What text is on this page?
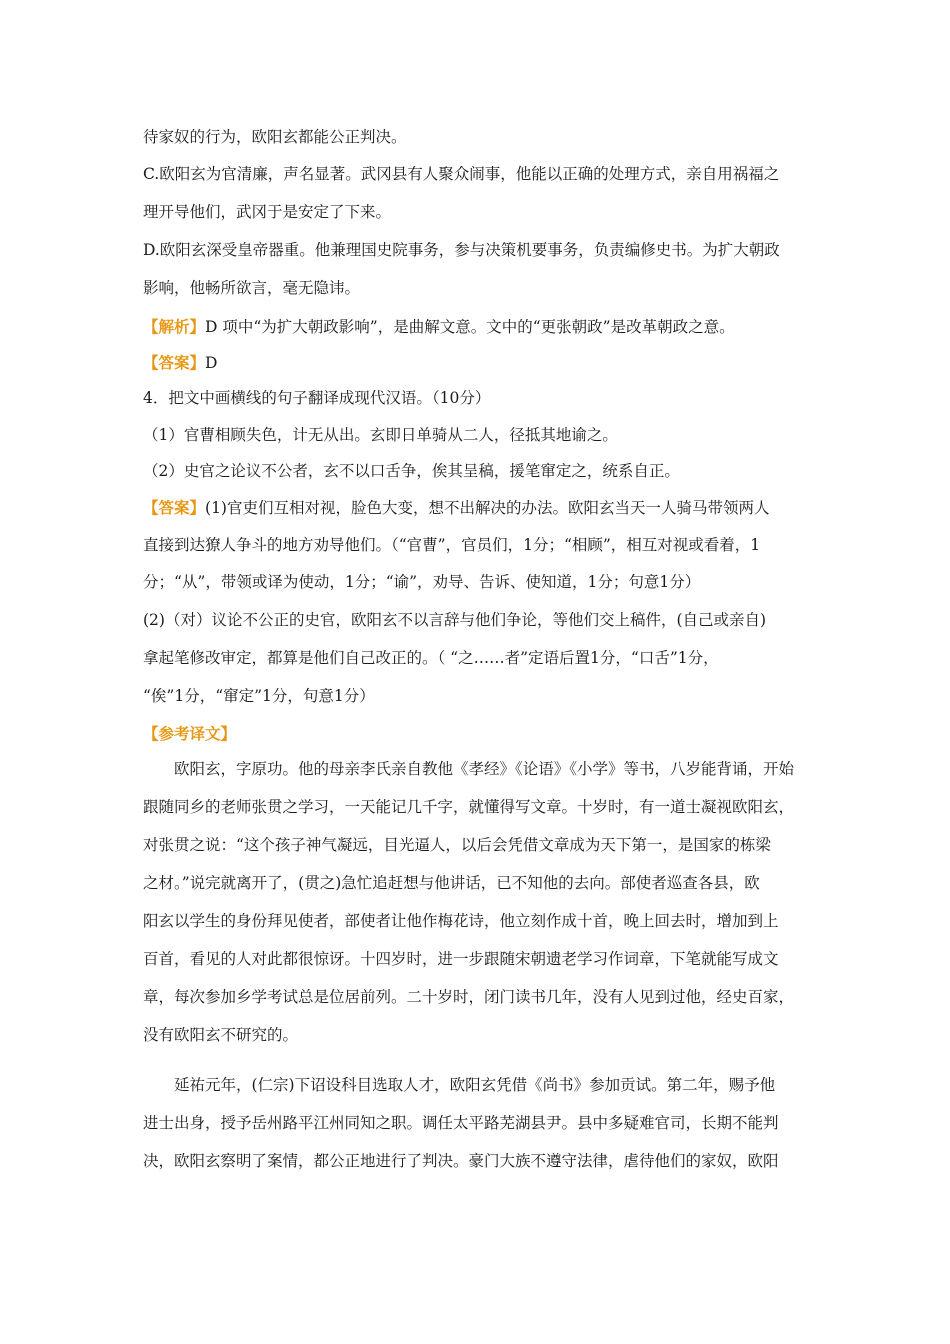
待家奴的行为，欧阳玄都能公正判决。

C.欧阳玄为官清廉，声名显著。武冈县有人聚众闹事，他能以正确的处理方式，亲自用祸福之

理开导他们，武冈于是安定了下来。

D.欧阳玄深受皇帝器重。他兼理国史院事务，参与决策机要事务，负责编修史书。为扩大朝政

影响，他畅所欲言，毫无隐讳。

【解析】D 项中“为扩大朝政影响”，是曲解文意。文中的“更张朝政”是改革朝政之意。

【答案】D

4．把文中画横线的句子翻译成现代汉语。（10分）

（1）官曹相顾失色，计无从出。玄即日单骑从二人，径抵其地谕之。

（2）史官之论议不公者，玄不以口舌争，俟其呈稿，援笔窜定之，统系自正。

【答案】(1)官吏们互相对视，脸色大变，想不出解决的办法。欧阳玄当天一人骑马带领两人

直接到达獠人争斗的地方劝导他们。（“官曹”，官员们，1分；“相顾”，相互对视或看着，1

分；“从”，带领或译为使动，1分；“谕”，劝导、告诉、使知道，1分；句意1分）

(2)（对）议论不公正的史官，欧阳玄不以言辞与他们争论，等他们交上稿件，(自己或亲自)

拿起笔修改审定，都算是他们自己改正的。（ “之……者”定语后置1分，“口舌”1分，

“俟”1分，“窜定”1分，句意1分）

【参考译文】

　　欧阳玄，字原功。他的母亲李氏亲自教他《孝经》《论语》《小学》等书，八岁能背诵，开始

跟随同乡的老师张贯之学习，一天能记几千字，就懂得写文章。十岁时，有一道士凝视欧阳玄，

对张贯之说：“这个孩子神气凝远，目光逼人，以后会凭借文章成为天下第一，是国家的栋梁

之材。”说完就离开了，(贯之)急忙追赶想与他讲话，已不知他的去向。部使者巡查各县，欧

阳玄以学生的身份拜见使者，部使者让他作梅花诗，他立刻作成十首，晚上回去时，增加到上

百首，看见的人对此都很惊讶。十四岁时，进一步跟随宋朝遗老学习作词章，下笔就能写成文

章，每次参加乡学考试总是位居前列。二十岁时，闭门读书几年，没有人见到过他，经史百家，

没有欧阳玄不研究的。

　　延祐元年，(仁宗)下诏设科目选取人才，欧阳玄凭借《尚书》参加贡试。第二年，赐予他

进士出身，授予岳州路平江州同知之职。调任太平路芜湖县尹。县中多疑难官司，长期不能判

决，欧阳玄察明了案情，都公正地进行了判决。豪门大族不遵守法律，虐待他们的家奴，欧阳
